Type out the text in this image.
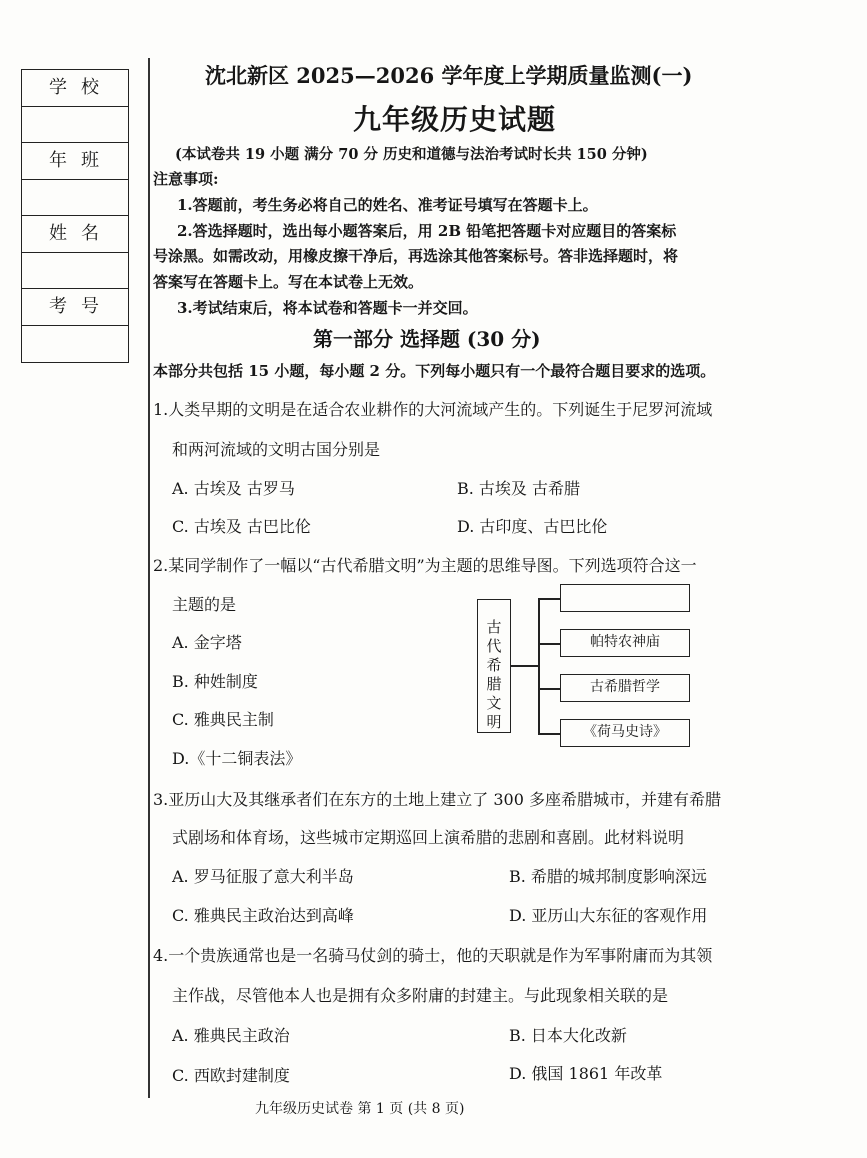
学校
年班
姓名
考号
沈北新区 2025—2026 学年度上学期质量监测(一)
九年级历史试题
(本试卷共 19 小题 满分 70 分 历史和道德与法治考试时长共 150 分钟)
注意事项:
1.答题前，考生务必将自己的姓名、准考证号填写在答题卡上。
2.答选择题时，选出每小题答案后，用 2B 铅笔把答题卡对应题目的答案标
号涂黑。如需改动，用橡皮擦干净后，再选涂其他答案标号。答非选择题时，将
答案写在答题卡上。写在本试卷上无效。
3.考试结束后，将本试卷和答题卡一并交回。
第一部分 选择题 (30 分)
本部分共包括 15 小题，每小题 2 分。下列每小题只有一个最符合题目要求的选项。
1.人类早期的文明是在适合农业耕作的大河流域产生的。下列诞生于尼罗河流域
和两河流域的文明古国分别是
A. 古埃及 古罗马	B. 古埃及 古希腊
C. 古埃及 古巴比伦	D. 古印度、古巴比伦
2.某同学制作了一幅以“古代希腊文明”为主题的思维导图。下列选项符合这一
主题的是
A. 金字塔
B. 种姓制度
C. 雅典民主制
D.《十二铜表法》
古
代
希
腊
文
明
帕特农神庙
古希腊哲学
《荷马史诗》
3.亚历山大及其继承者们在东方的土地上建立了 300 多座希腊城市，并建有希腊
式剧场和体育场，这些城市定期巡回上演希腊的悲剧和喜剧。此材料说明
A. 罗马征服了意大利半岛	B. 希腊的城邦制度影响深远
C. 雅典民主政治达到高峰	D. 亚历山大东征的客观作用
4.一个贵族通常也是一名骑马仗剑的骑士，他的天职就是作为军事附庸而为其领
主作战，尽管他本人也是拥有众多附庸的封建主。与此现象相关联的是
A. 雅典民主政治	B. 日本大化改新
C. 西欧封建制度	D. 俄国 1861 年改革
九年级历史试卷 第 1 页 (共 8 页)
